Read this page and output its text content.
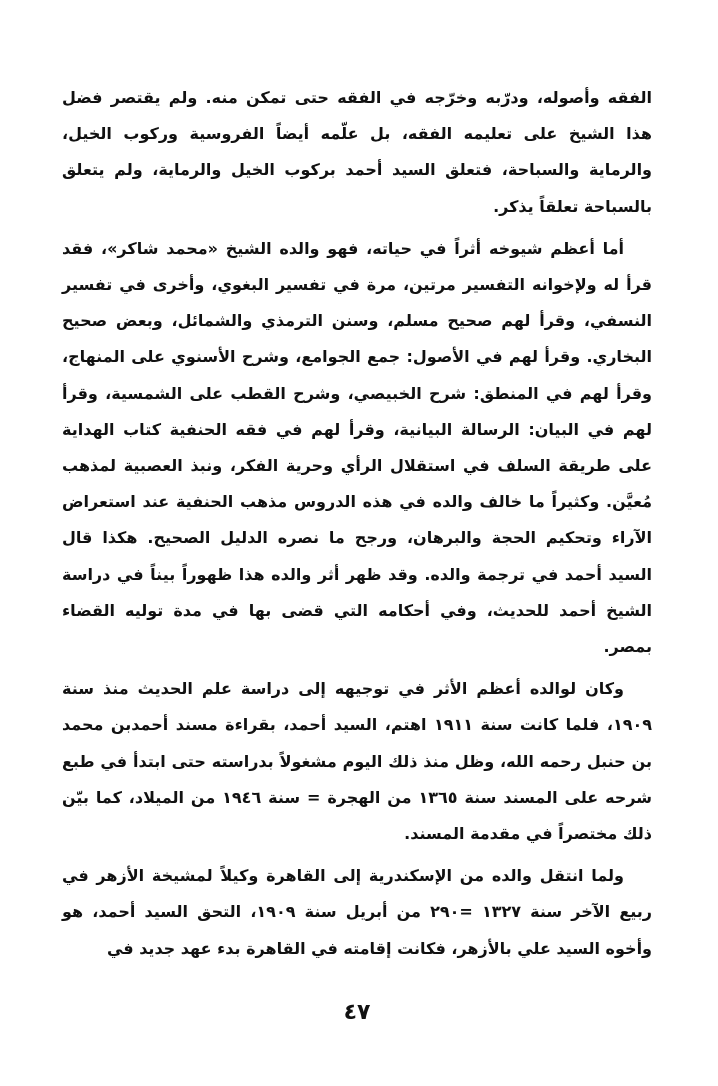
الفقه وأصوله، ودرّبه وخرّجه في الفقه حتى تمكن منه. ولم يقتصر فضل هذا الشيخ على تعليمه الفقه، بل علّمه أيضاً الفروسية وركوب الخيل، والرماية والسباحة، فتعلق السيد أحمد بركوب الخيل والرماية، ولم يتعلق بالسباحة تعلقاً يذكر.

أما أعظم شيوخه أثراً في حياته، فهو والده الشيخ «محمد شاكر»، فقد قرأ له ولإخوانه التفسير مرتين، مرة في تفسير البغوي، وأخرى في تفسير النسفي، وقرأ لهم صحيح مسلم، وسنن الترمذي والشمائل، وبعض صحيح البخاري. وقرأ لهم في الأصول: جمع الجوامع، وشرح الأسنوي على المنهاج، وقرأ لهم في المنطق: شرح الخبيصي، وشرح القطب على الشمسية، وقرأ لهم في البيان: الرسالة البيانية، وقرأ لهم في فقه الحنفية كتاب الهداية على طريقة السلف في استقلال الرأي وحرية الفكر، ونبذ العصبية لمذهب مُعيَّن. وكثيراً ما خالف والده في هذه الدروس مذهب الحنفية عند استعراض الآراء وتحكيم الحجة والبرهان، ورجح ما نصره الدليل الصحيح. هكذا قال السيد أحمد في ترجمة والده. وقد ظهر أثر والده هذا ظهوراً بيناً في دراسة الشيخ أحمد للحديث، وفي أحكامه التي قضى بها في مدة توليه القضاء بمصر.

وكان لوالده أعظم الأثر في توجيهه إلى دراسة علم الحديث منذ سنة ١٩٠٩، فلما كانت سنة ١٩١١ اهتم، السيد أحمد، بقراءة مسند أحمدبن محمد بن حنبل رحمه الله، وظل منذ ذلك اليوم مشغولاً بدراسته حتى ابتدأ في طبع شرحه على المسند سنة ١٣٦٥ من الهجرة = سنة ١٩٤٦ من الميلاد، كما بيّن ذلك مختصراً في مقدمة المسند.

ولما انتقل والده من الإسكندرية إلى القاهرة وكيلاً لمشيخة الأزهر في ربيع الآخر سنة ١٣٢٧ =٢٩٠ من أبريل سنة ١٩٠٩، التحق السيد أحمد، هو وأخوه السيد علي بالأزهر، فكانت إقامته في القاهرة بدء عهد جديد في

٤٧
